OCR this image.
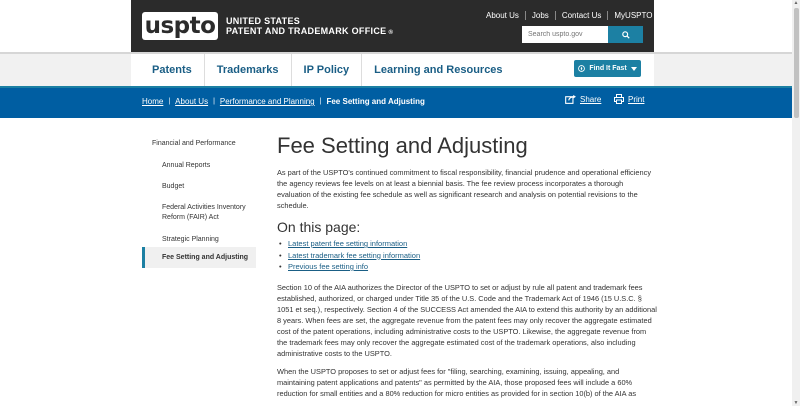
uspto UNITED STATES
PATENT AND TRADEMARK OFFICE ®
About Us	Jobs	Contact Us	MyUSPTO
Search uspto.gov
Patents	Trademarks	IP Policy	Learning and Resources	Find It Fast
Home | About Us | Performance and Planning | Fee Setting and Adjusting	Share	Print
Financial and Performance
Annual Reports
Budget
Federal Activities Inventory Reform (FAIR) Act
Strategic Planning
Fee Setting and Adjusting
Fee Setting and Adjusting

As part of the USPTO's continued commitment to fiscal responsibility, financial prudence and operational efficiency the agency reviews fee levels on at least a biennial basis. The fee review process incorporates a thorough evaluation of the existing fee schedule as well as significant research and analysis on potential revisions to the schedule.

On this page:
• Latest patent fee setting information
• Latest trademark fee setting information
• Previous fee setting info

Section 10 of the AIA authorizes the Director of the USPTO to set or adjust by rule all patent and trademark fees established, authorized, or charged under Title 35 of the U.S. Code and the Trademark Act of 1946 (15 U.S.C. § 1051 et seq.), respectively. Section 4 of the SUCCESS Act amended the AIA to extend this authority by an additional 8 years. When fees are set, the aggregate revenue from the patent fees may only recover the aggregate estimated cost of the patent operations, including administrative costs to the USPTO. Likewise, the aggregate revenue from the trademark fees may only recover the aggregate estimated cost of the trademark operations, also including administrative costs to the USPTO.

When the USPTO proposes to set or adjust fees for "filing, searching, examining, issuing, appealing, and maintaining patent applications and patents" as permitted by the AIA, those proposed fees will include a 60% reduction for small entities and a 80% reduction for micro entities as provided for in section 10(b) of the AIA as

▲
▼
